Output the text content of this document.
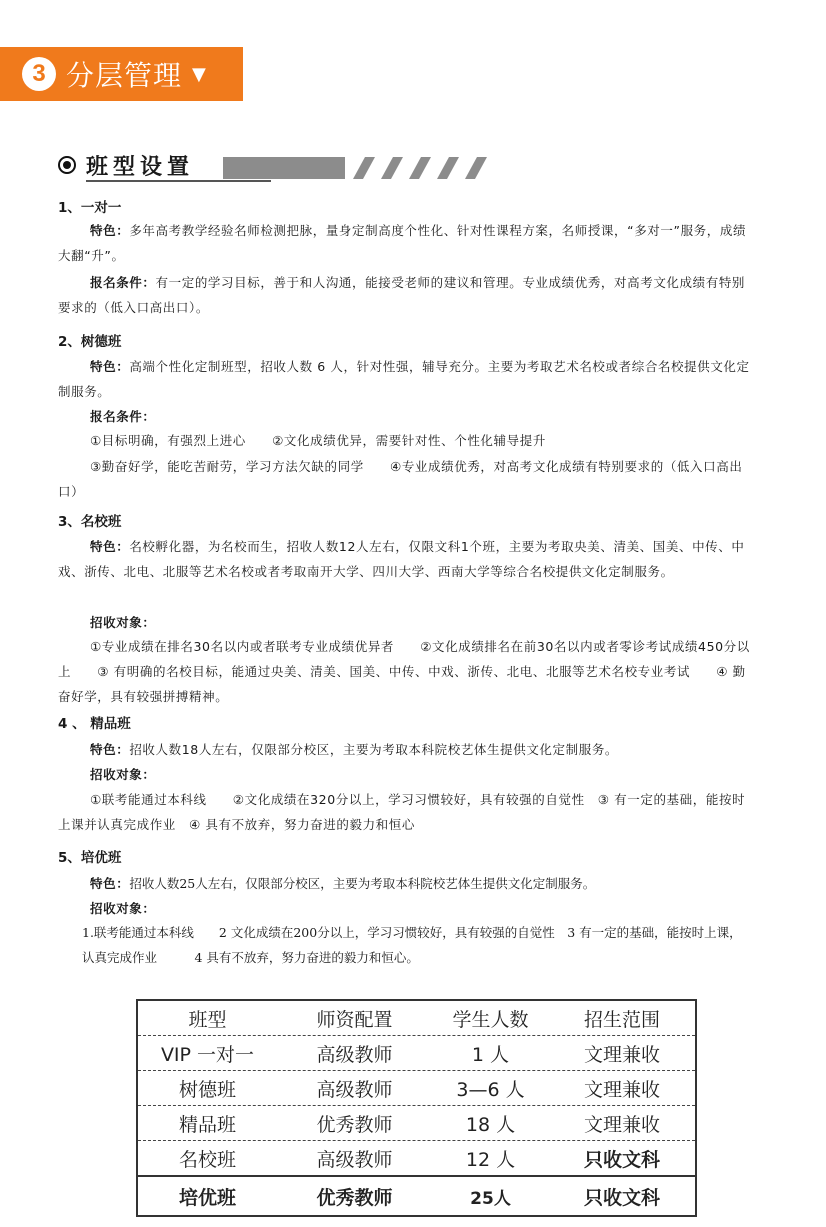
3 分层管理 ▼
班型设置
1、一对一
特色：多年高考教学经验名师检测把脉，量身定制高度个性化、针对性课程方案，名师授课，“多对一”服务，成绩大翻“升”。
报名条件：有一定的学习目标，善于和人沟通，能接受老师的建议和管理。专业成绩优秀，对高考文化成绩有特别要求的（低入口高出口）。
2、树德班
特色：高端个性化定制班型，招收人数 6 人，针对性强，辅导充分。主要为考取艺术名校或者综合名校提供文化定制服务。
报名条件：
①目标明确，有强烈上进心　　②文化成绩优异，需要针对性、个性化辅导提升
③勤奋好学，能吃苦耐劳，学习方法欠缺的同学　　④专业成绩优秀，对高考文化成绩有特别要求的（低入口高出口）
3、名校班
特色：名校孵化器，为名校而生，招收人数12人左右，仅限文科1个班，主要为考取央美、清美、国美、中传、中戏、浙传、北电、北服等艺术名校或者考取南开大学、四川大学、西南大学等综合名校提供文化定制服务。
招收对象：
①专业成绩在排名30名以内或者联考专业成绩优异者　　②文化成绩排名在前30名以内或者零诊考试成绩450分以上　　③ 有明确的名校目标，能通过央美、清美、国美、中传、中戏、浙传、北电、北服等艺术名校专业考试　　④ 勤奋好学，具有较强拼搏精神。
4 、 精品班
特色：招收人数18人左右，仅限部分校区，主要为考取本科院校艺体生提供文化定制服务。
招收对象：
①联考能通过本科线　　②文化成绩在320分以上，学习习惯较好，具有较强的自觉性　③ 有一定的基础，能按时上课并认真完成作业　④ 具有不放弃，努力奋进的毅力和恒心
5、培优班
特色：招收人数25人左右，仅限部分校区，主要为考取本科院校艺体生提供文化定制服务。
招收对象：
1.联考能通过本科线　　2 文化成绩在200分以上，学习习惯较好，具有较强的自觉性　3 有一定的基础，能按时上课，认真完成作业　　　4 具有不放弃，努力奋进的毅力和恒心。
班型	师资配置	学生人数	招生范围
VIP 一对一	高级教师	1 人	文理兼收
树德班	高级教师	3—6 人	文理兼收
精品班	优秀教师	18 人	文理兼收
名校班	高级教师	12 人	只收文科
培优班	优秀教师	25人	只收文科
